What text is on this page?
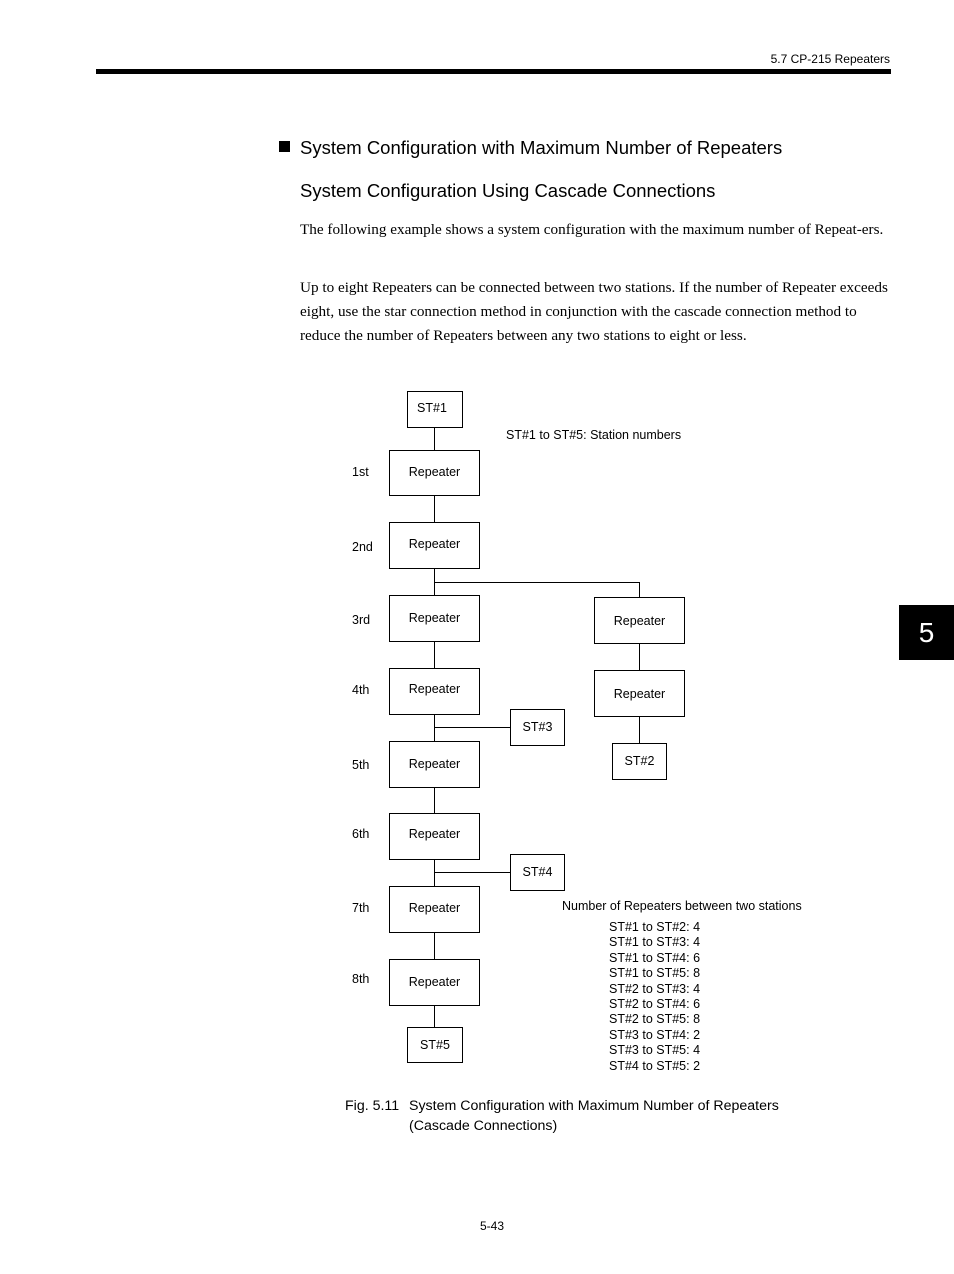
5.7 CP-215 Repeaters
5
System Configuration with Maximum Number of Repeaters
System Configuration Using Cascade Connections
The following example shows a system configuration with the maximum number of Repeat-ers.
Up to eight Repeaters can be connected between two stations. If the number of Repeater exceeds eight, use the star connection method in conjunction with the cascade connection method to reduce the number of Repeaters between any two stations to eight or less.
ST#1
ST#1 to ST#5: Station numbers
Repeater
Repeater
Repeater
Repeater
Repeater
Repeater
Repeater
Repeater
ST#5
Repeater
Repeater
ST#2
ST#3
ST#4
1st
2nd
3rd
4th
5th
6th
7th
8th
Number of Repeaters between two stations
ST#1 to ST#2: 4
ST#1 to ST#3: 4
ST#1 to ST#4: 6
ST#1 to ST#5: 8
ST#2 to ST#3: 4
ST#2 to ST#4: 6
ST#2 to ST#5: 8
ST#3 to ST#4: 2
ST#3 to ST#5: 4
ST#4 to ST#5: 2
Fig. 5.11 System Configuration with Maximum Number of Repeaters
(Cascade Connections)
5-43
